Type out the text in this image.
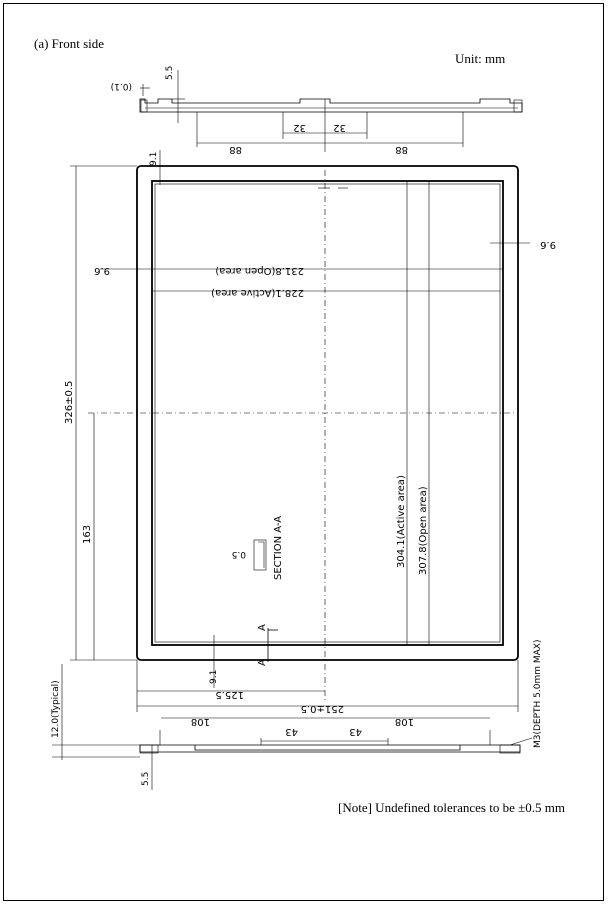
(a) Front side
Unit: mm
[Note] Undefined tolerances to be ±0.5 mm
(0.1)
5.5
32	32
88	88
326±0.5
163
9.1
9.6
9.6
231.8(Open area)
228.1(Active area)
304.1(Active area) 307.8(Open area)
0.5	SECTION A-A
A
A
9.1
125.5
251±0.5	M3(DEPTH 5.0mm MAX)
108	108
43	43
12.0(Typical)
5.5
